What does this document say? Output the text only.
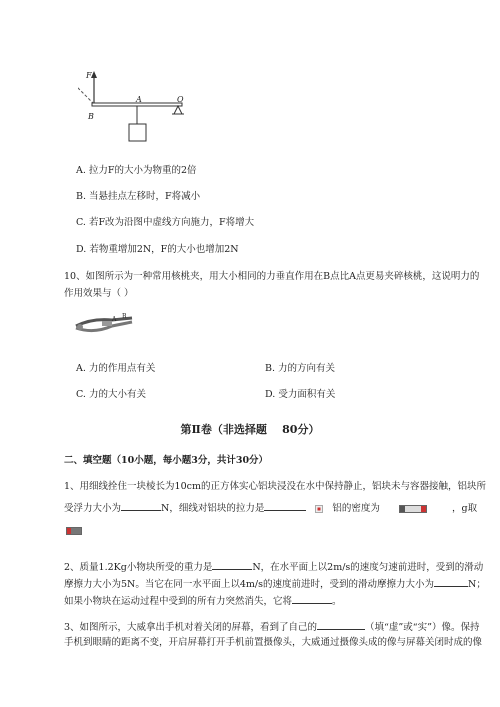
F
A	O
B
A. 拉力F的大小为物重的2倍
B. 当悬挂点左移时，F将减小
C. 若F改为沿图中虚线方向施力，F将增大
D. 若物重增加2N，F的大小也增加2N
10、如图所示为一种常用核桃夹，用大小相同的力垂直作用在B点比A点更易夹碎核桃，这说明力的
作用效果与（ ）
A B
A. 力的作用点有关	B. 力的方向有关
C. 力的大小有关	D. 受力面积有关
第Ⅱ卷（非选择题    80分）
二、填空题（10小题，每小题3分，共计30分）
1、用细线拴住一块棱长为10cm的正方体实心铝块浸没在水中保持静止，铝块未与容器接触，铝块所
受浮力大小为	N，细线对铝块的拉力是	铝的密度为	，g取
2、质量1.2Kg小物块所受的重力是	N，在水平面上以2m/s的速度匀速前进时，受到的滑动
摩擦力大小为5N。当它在同一水平面上以4m/s的速度前进时，受到的滑动摩擦力大小为	N；
如果小物块在运动过程中受到的所有力突然消失，它将	。
3、如图所示，大威拿出手机对着关闭的屏幕，看到了自己的	（填“虚”或“实”）像。保持
手机到眼睛的距离不变，开启屏幕打开手机前置摄像头，大威通过摄像头成的像与屏幕关闭时成的像
